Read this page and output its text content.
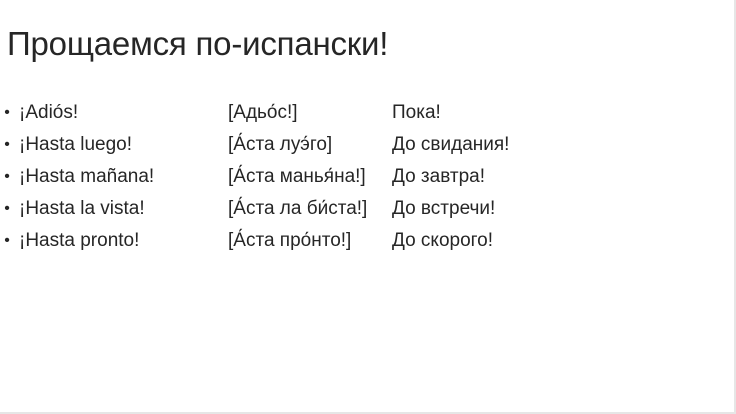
Прощаемся по-испански!
• ¡Adiós!	[Адьо́с!]	Пока!
• ¡Hasta luego!	[А́ста луэ́го]	До свидания!
• ¡Hasta mañana!	[А́ста манья́на!] До завтра!
• ¡Hasta la vista!	[А́ста ла би́ста!] До встречи!
• ¡Hasta pronto!	[А́ста про́нто!] До скорого!
